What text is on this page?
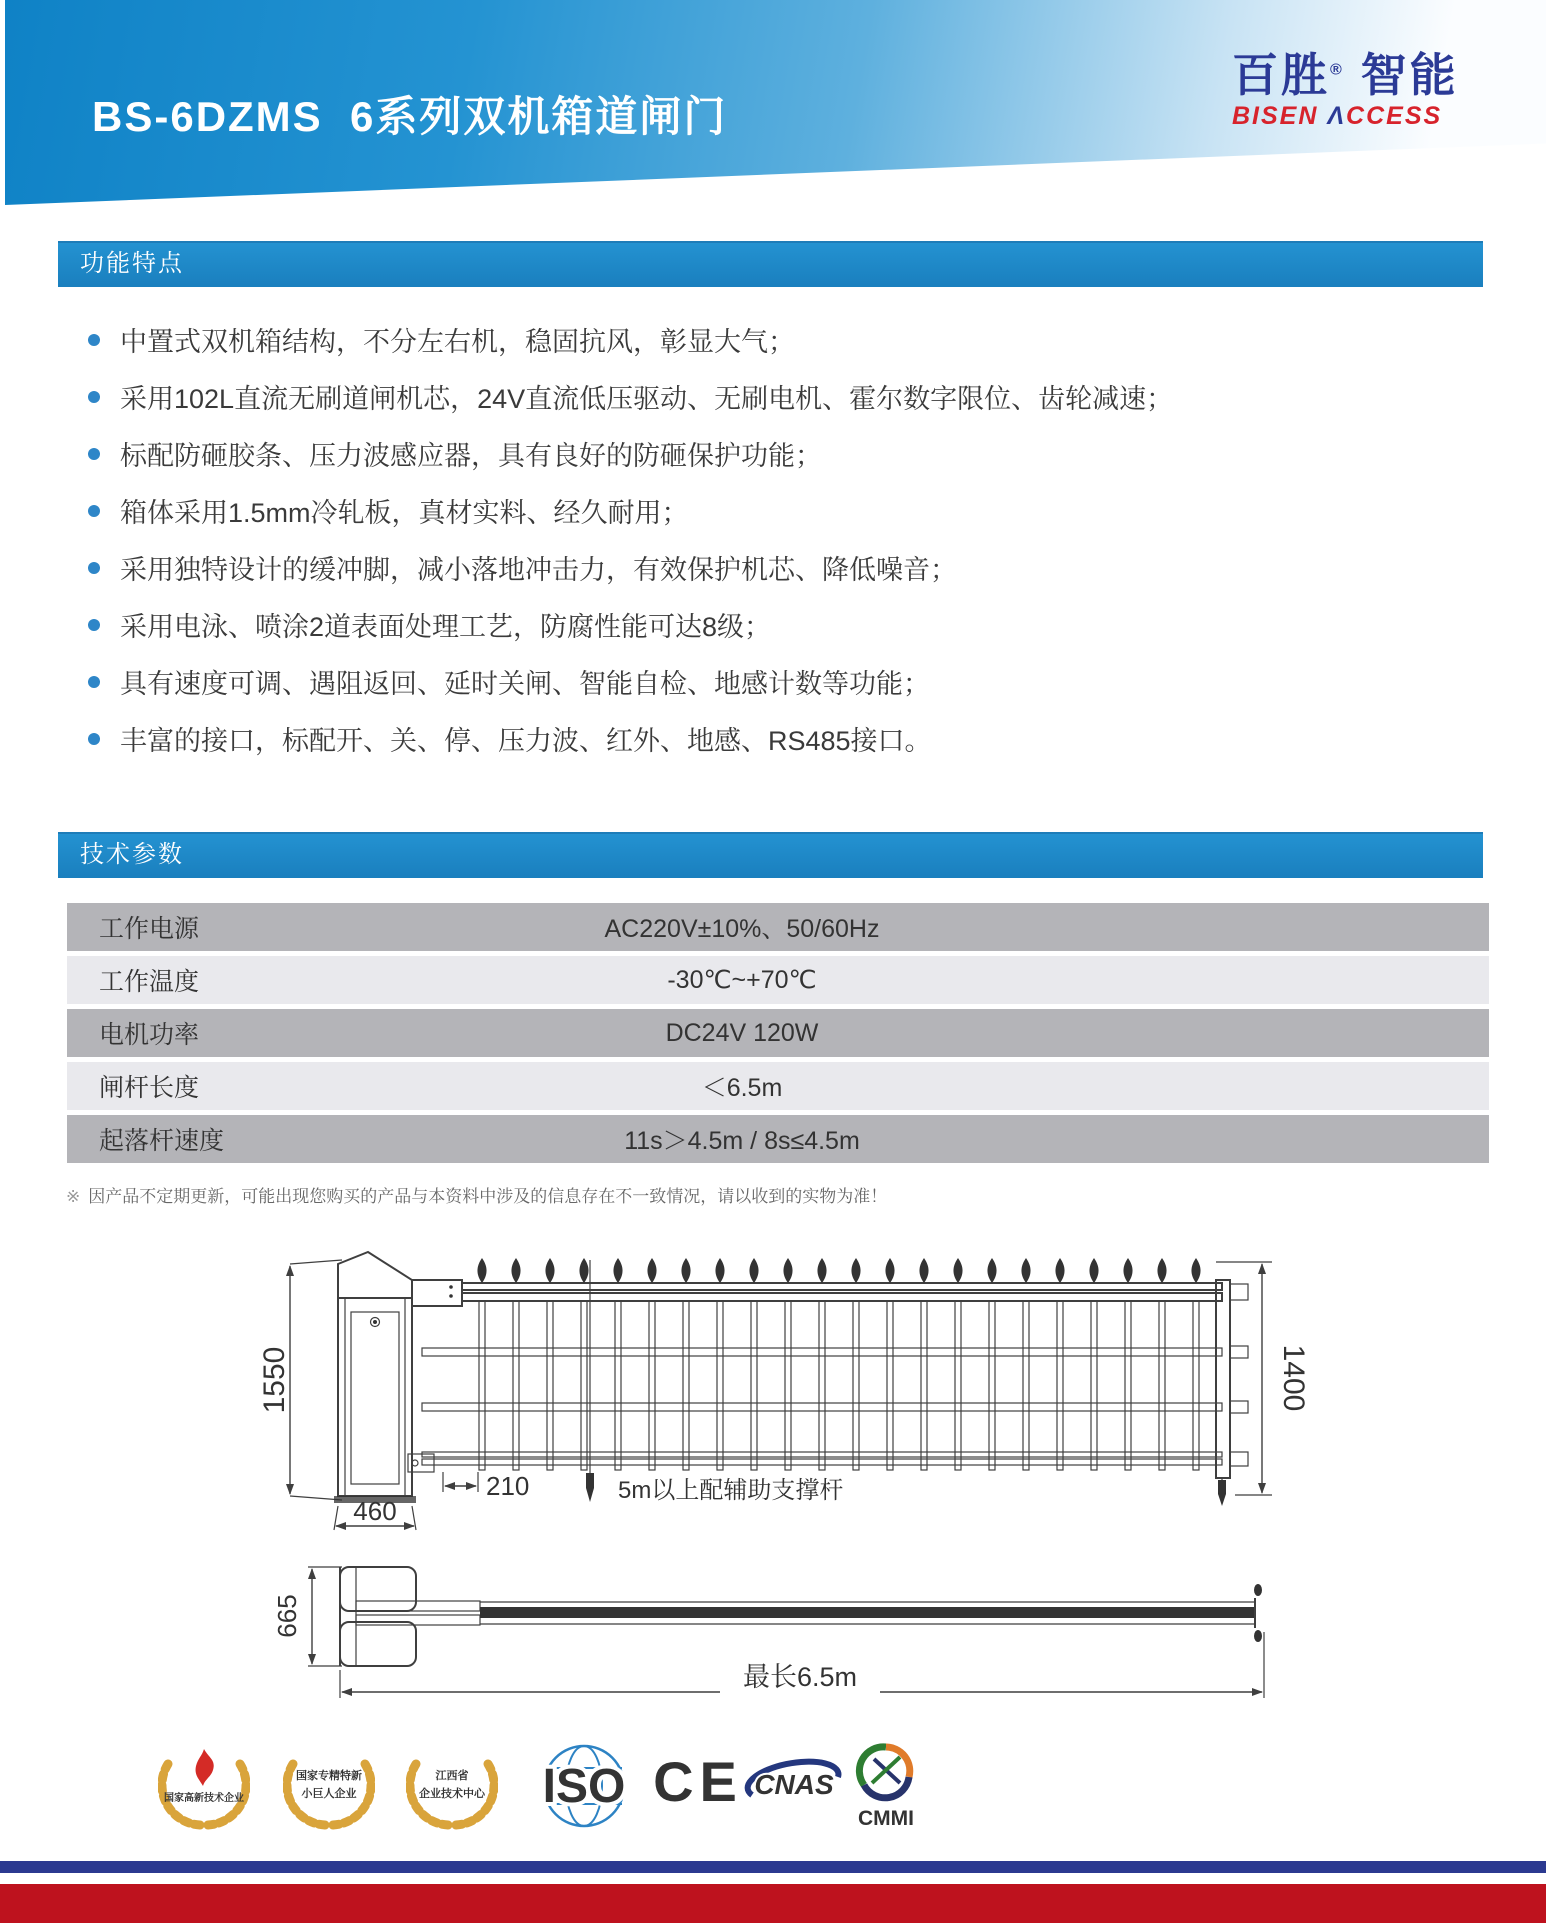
BS-6DZMS  6系列双机箱道闸门
百胜® 智能
BISEN ΛCCESS
功能特点
中置式双机箱结构，不分左右机，稳固抗风，彰显大气；
采用102L直流无刷道闸机芯，24V直流低压驱动、无刷电机、霍尔数字限位、齿轮减速；
标配防砸胶条、压力波感应器，具有良好的防砸保护功能；
箱体采用1.5mm冷轧板，真材实料、经久耐用；
采用独特设计的缓冲脚，减小落地冲击力，有效保护机芯、降低噪音；
采用电泳、喷涂2道表面处理工艺，防腐性能可达8级；
具有速度可调、遇阻返回、延时关闸、智能自检、地感计数等功能；
丰富的接口，标配开、关、停、压力波、红外、地感、RS485接口。
技术参数
工作电源	AC220V±10%、50/60Hz
工作温度	-30℃~+70℃
电机功率	DC24V 120W
闸杆长度	＜6.5m
起落杆速度	11s＞4.5m / 8s≤4.5m
※ 因产品不定期更新，可能出现您购买的产品与本资料中涉及的信息存在不一致情况，请以收到的实物为准！
1550
460
210	5m以上配辅助支撑杆
1400
665
最长6.5m
国家高新技术企业
国家专精特新
小巨人企业
江西省
企业技术中心 ISO CE CNAS
CMMI
